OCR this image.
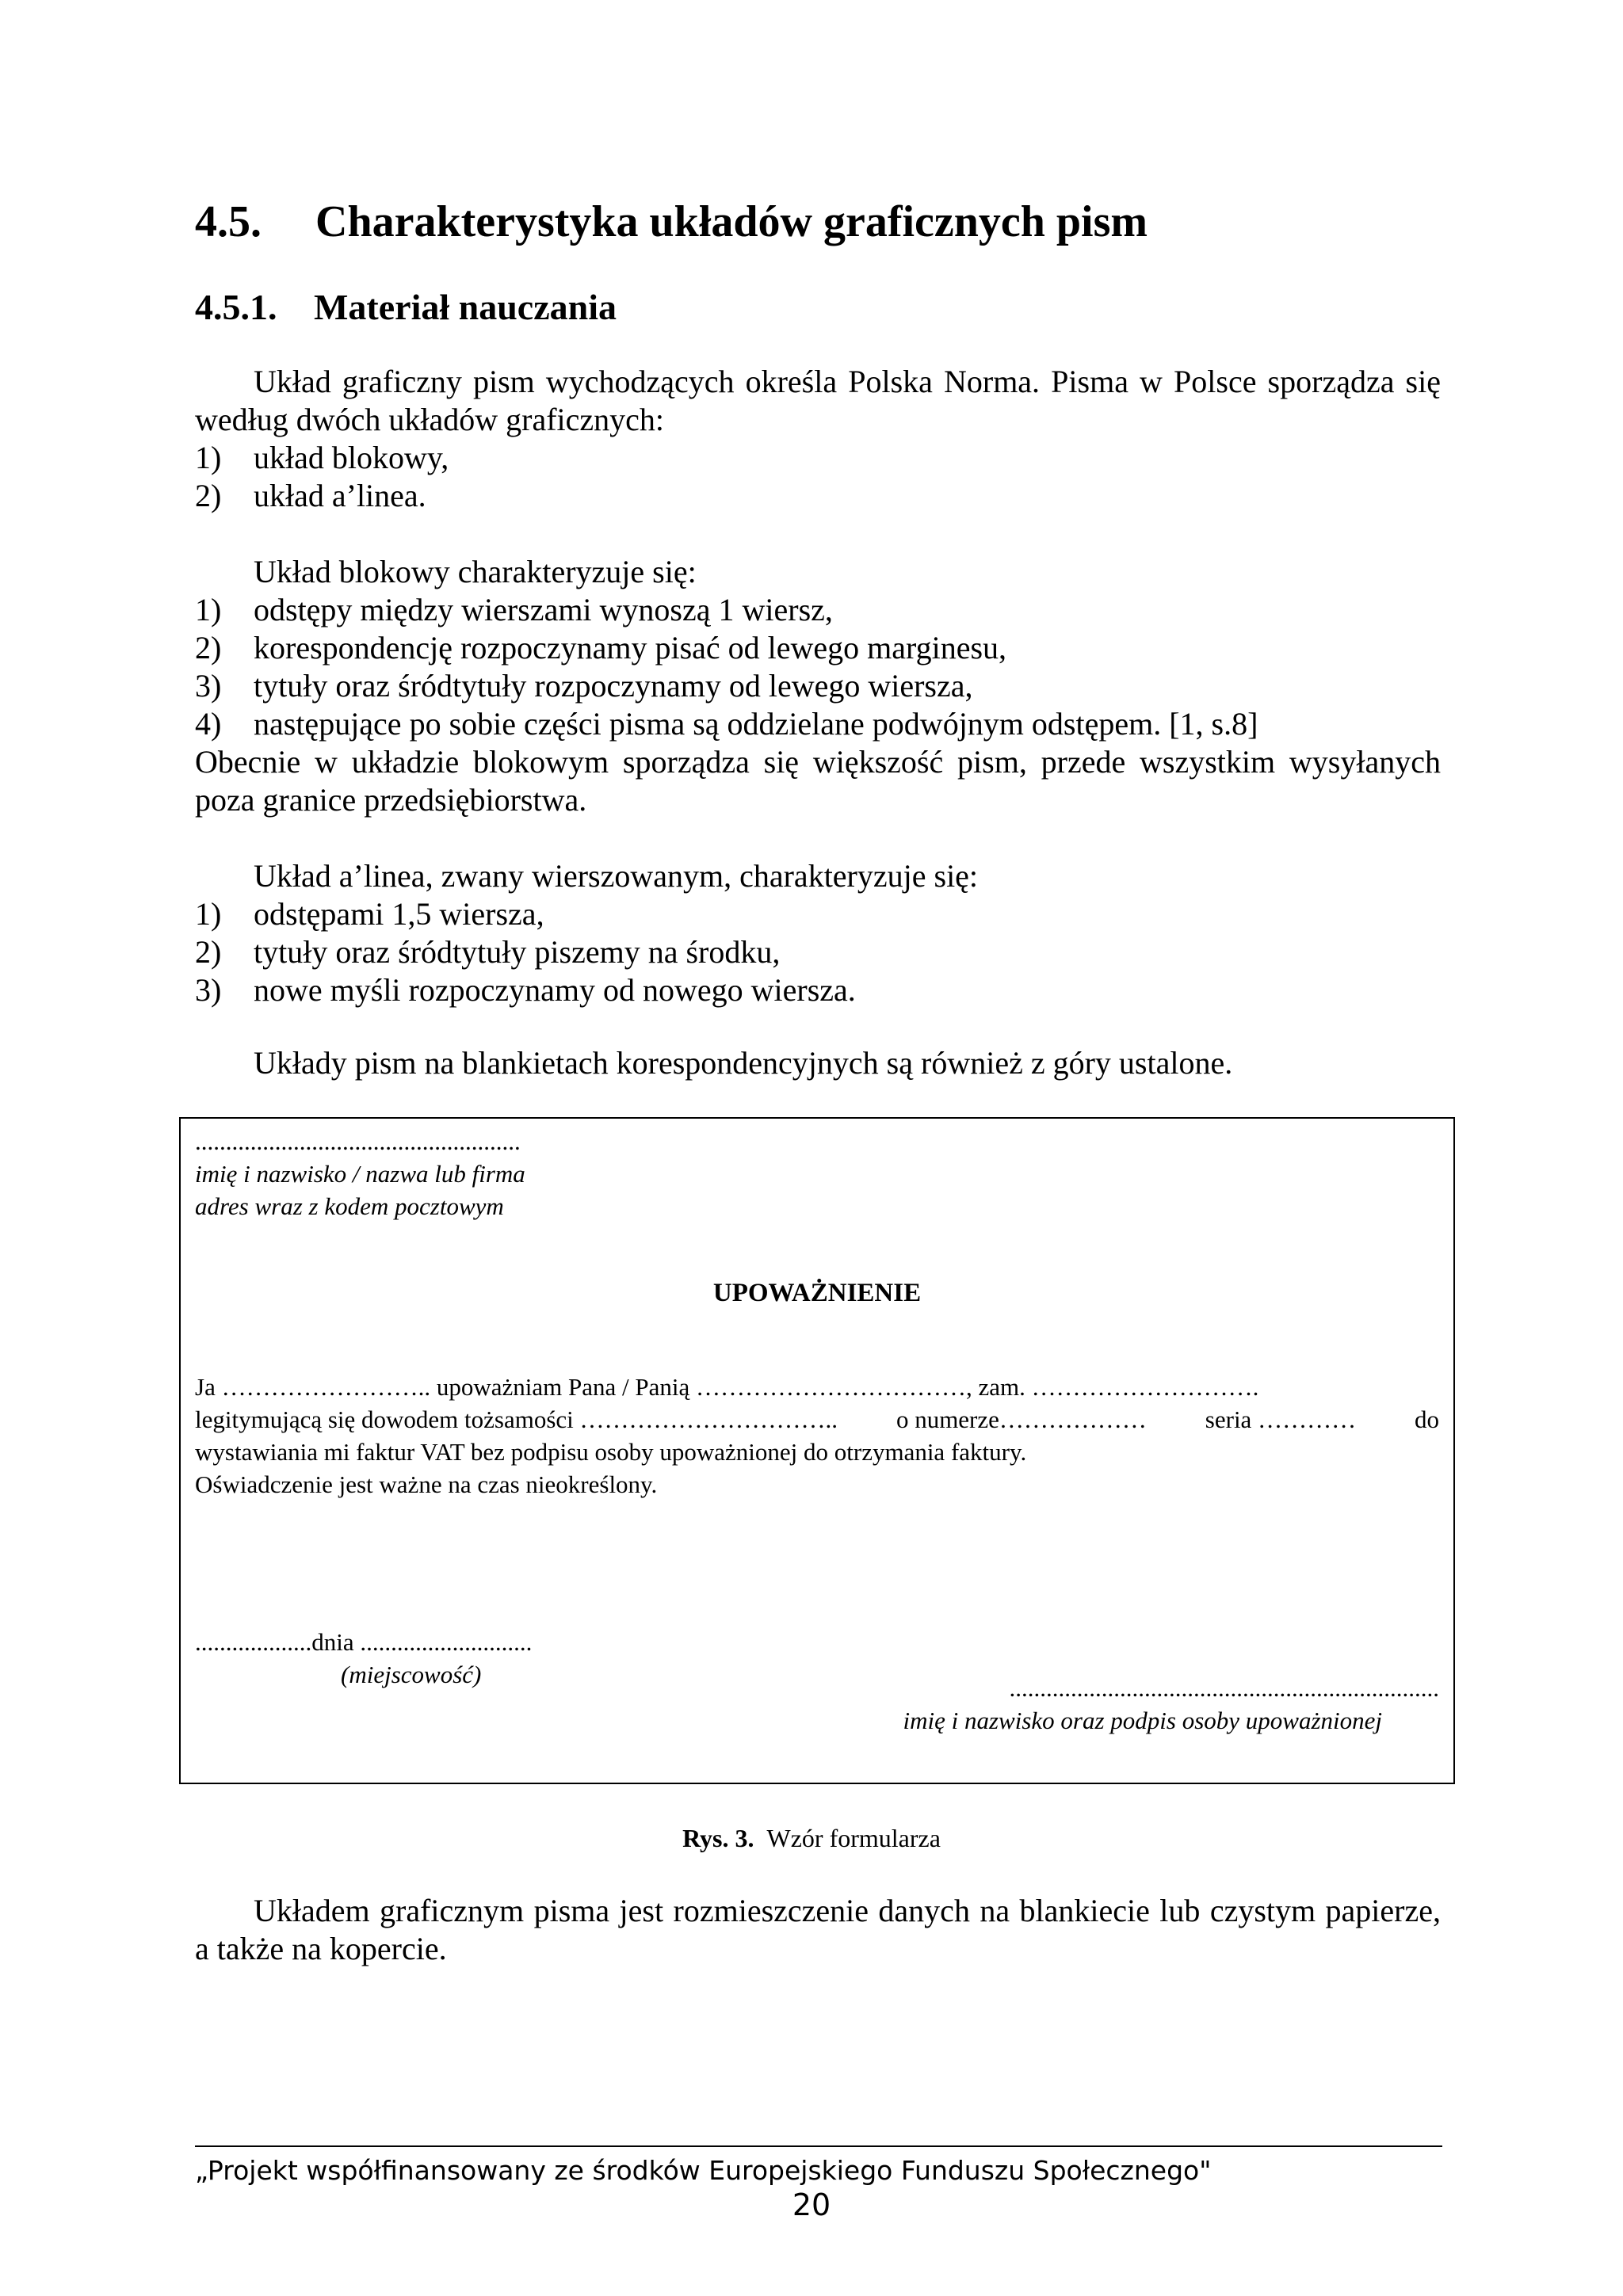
4.5. Charakterystyka układów graficznych pism
4.5.1. Materiał nauczania

Układ graficzny pism wychodzących określa Polska Norma. Pisma w Polsce sporządza się według dwóch układów graficznych:

1)	układ blokowy,
2)	układ a’linea.

Układ blokowy charakteryzuje się:

1)	odstępy między wierszami wynoszą 1 wiersz,
2)	korespondencję rozpoczynamy pisać od lewego marginesu,
3)	tytuły oraz śródtytuły rozpoczynamy od lewego wiersza,
4)	następujące po sobie części pisma są oddzielane podwójnym odstępem. [1, s.8]

Obecnie w układzie blokowym sporządza się większość pism, przede wszystkim wysyłanych poza granice przedsiębiorstwa.

Układ a’linea, zwany wierszowanym, charakteryzuje się:

1)	odstępami 1,5 wiersza,
2)	tytuły oraz śródtytuły piszemy na środku,
3)	nowe myśli rozpoczynamy od nowego wiersza.

Układy pism na blankietach korespondencyjnych są również z góry ustalone.

.....................................................
imię i nazwisko / nazwa lub firma
adres wraz z kodem pocztowym
UPOWAŻNIENIE
Ja …………………….. upoważniam Pana / Panią ……………………………, zam. ……………………….
legitymującą się dowodem tożsamości ………………………….. o numerze……………… seria ………… do
wystawiania mi faktur VAT bez podpisu osoby upoważnionej do otrzymania faktury.
Oświadczenie jest ważne na czas nieokreślony.
...................dnia ............................
(miejscowość)	......................................................................
imię i nazwisko oraz podpis osoby upoważnionej
Rys. 3. Wzór formularza

Układem graficznym pisma jest rozmieszczenie danych na blankiecie lub czystym papierze, a także na kopercie.

„Projekt współfinansowany ze środków Europejskiego Funduszu Społecznego"
20
